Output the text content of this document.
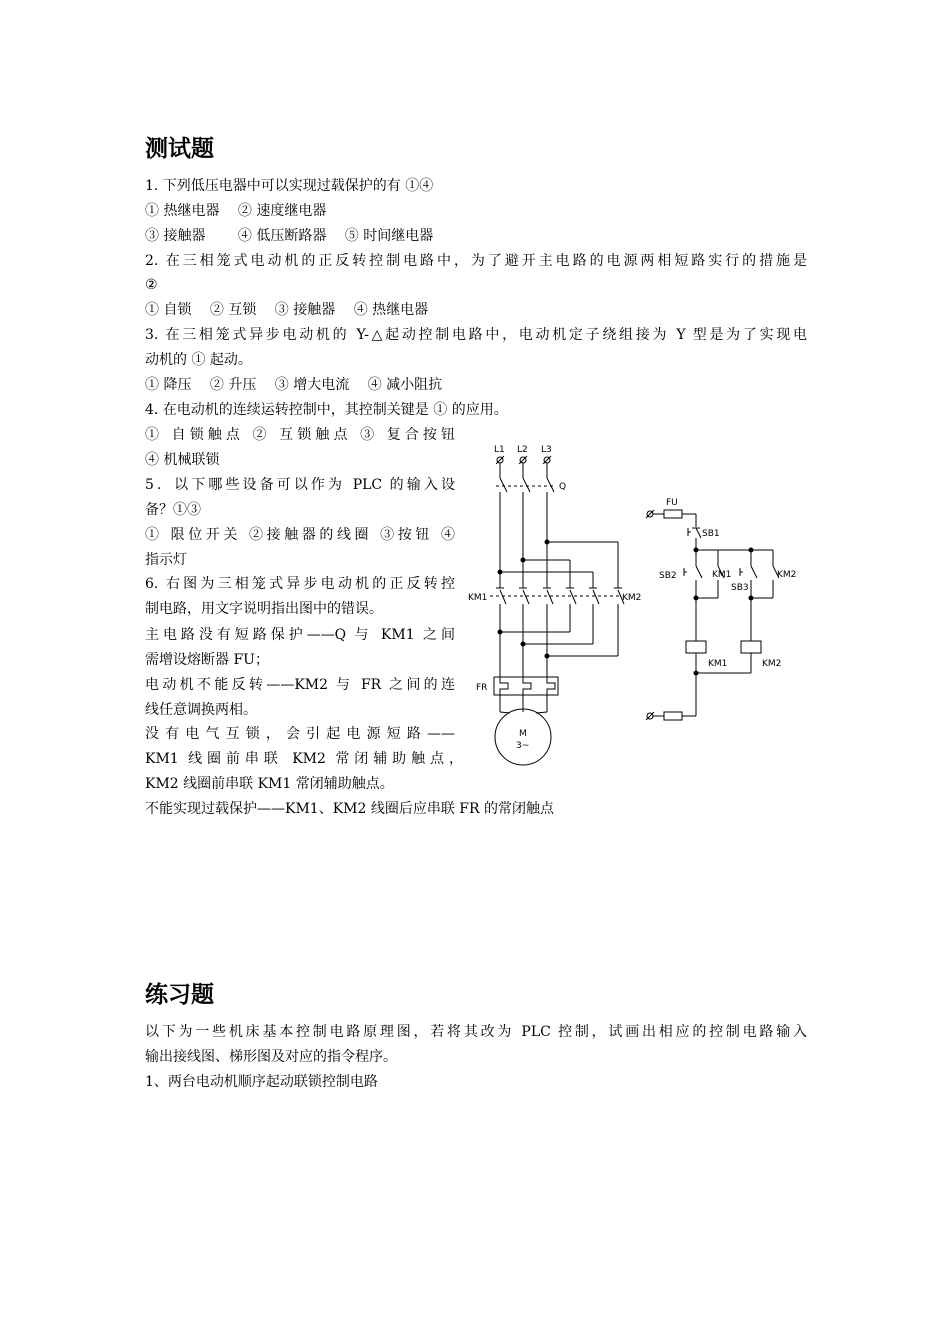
测试题
1. 下列低压电器中可以实现过载保护的有 ①④
① 热继电器 　② 速度继电器
③ 接触器 　　④ 低压断路器 　⑤ 时间继电器
2. 在三相笼式电动机的正反转控制电路中，为了避开主电路的电源两相短路实行的措施是
②
① 自锁 　② 互锁 　③ 接触器 　④ 热继电器
3. 在三相笼式异步电动机的 Y-△起动控制电路中，电动机定子绕组接为 Y 型是为了实现电
动机的 ① 起动。
① 降压 　② 升压 　③ 增大电流 　④ 减小阻抗
4. 在电动机的连续运转控制中，其控制关键是 ① 的应用。
① 自锁触点 ② 互锁触点 ③ 复合按钮
④ 机械联锁
5．以下哪些设备可以作为 PLC 的输入设
备？①③
① 限位开关 ②接触器的线圈 ③按钮 ④
指示灯
6. 右图为三相笼式异步电动机的正反转控
制电路，用文字说明指出图中的错误。
主电路没有短路保护——Q 与 KM1 之间
需增设熔断器 FU；
电动机不能反转——KM2 与 FR 之间的连
线任意调换两相。
没有电气互锁，会引起电源短路——
KM1 线圈前串联 KM2 常闭辅助触点，
KM2 线圈前串联 KM1 常闭辅助触点。
不能实现过载保护——KM1、KM2 线圈后应串联 FR 的常闭触点
L1 L2 L3
Q
KM1	KM2
FR
M
3~
FU
SB1
SB2	KM1
SB3
KM2
KM1	KM2
练习题
以下为一些机床基本控制电路原理图，若将其改为 PLC 控制，试画出相应的控制电路输入
输出接线图、梯形图及对应的指令程序。
1、两台电动机顺序起动联锁控制电路
